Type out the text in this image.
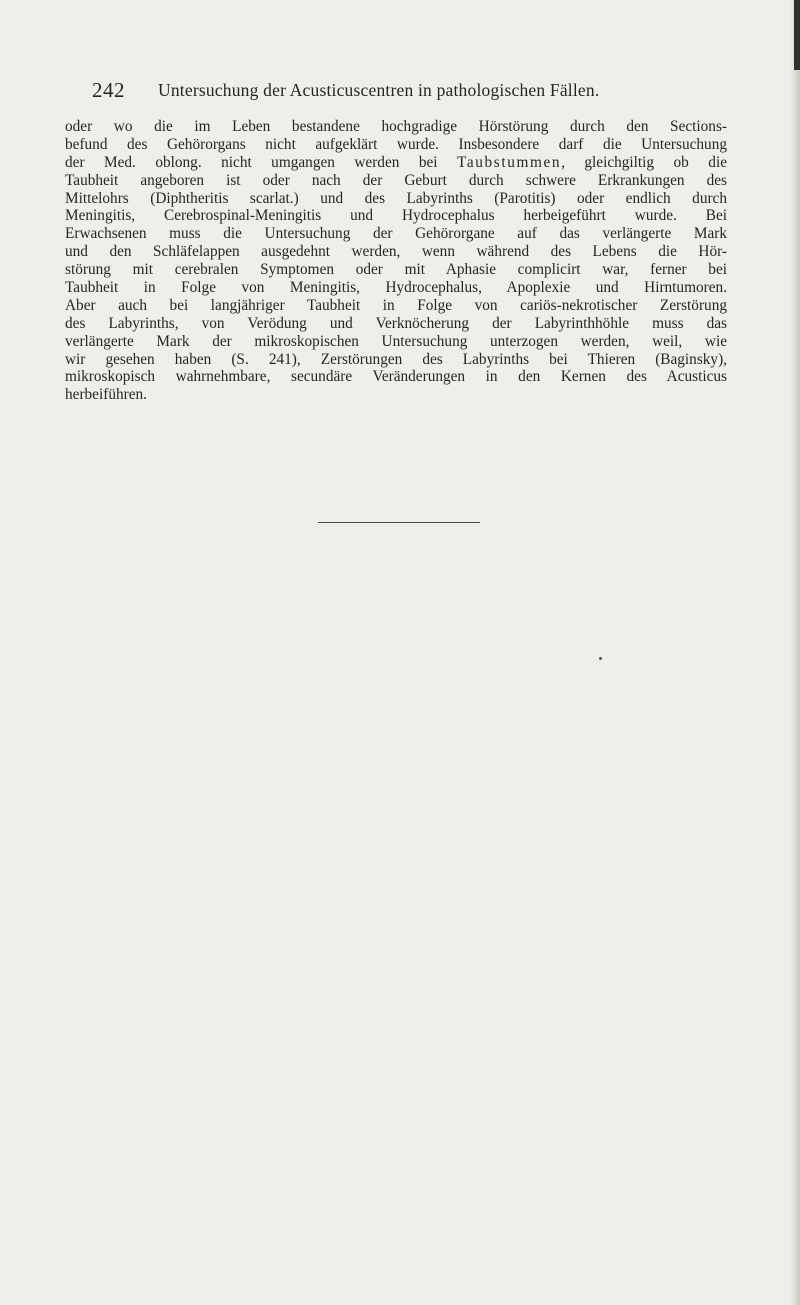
242 Untersuchung der Acusticuscentren in pathologischen Fällen.
oder wo die im Leben bestandene hochgradige Hörstörung durch den Sections-
befund des Gehörorgans nicht aufgeklärt wurde. Insbesondere darf die Untersuchung
der Med. oblong. nicht umgangen werden bei Taubstummen, gleichgiltig ob die
Taubheit angeboren ist oder nach der Geburt durch schwere Erkrankungen des
Mittelohrs (Diphtheritis scarlat.) und des Labyrinths (Parotitis) oder endlich durch
Meningitis, Cerebrospinal-Meningitis und Hydrocephalus herbeigeführt wurde. Bei
Erwachsenen muss die Untersuchung der Gehörorgane auf das verlängerte Mark
und den Schläfelappen ausgedehnt werden, wenn während des Lebens die Hör-
störung mit cerebralen Symptomen oder mit Aphasie complicirt war, ferner bei
Taubheit in Folge von Meningitis, Hydrocephalus, Apoplexie und Hirntumoren.
Aber auch bei langjähriger Taubheit in Folge von cariös-nekrotischer Zerstörung
des Labyrinths, von Verödung und Verknöcherung der Labyrinthhöhle muss das
verlängerte Mark der mikroskopischen Untersuchung unterzogen werden, weil, wie
wir gesehen haben (S. 241), Zerstörungen des Labyrinths bei Thieren (Baginsky),
mikroskopisch wahrnehmbare, secundäre Veränderungen in den Kernen des Acusticus
herbeiführen.
